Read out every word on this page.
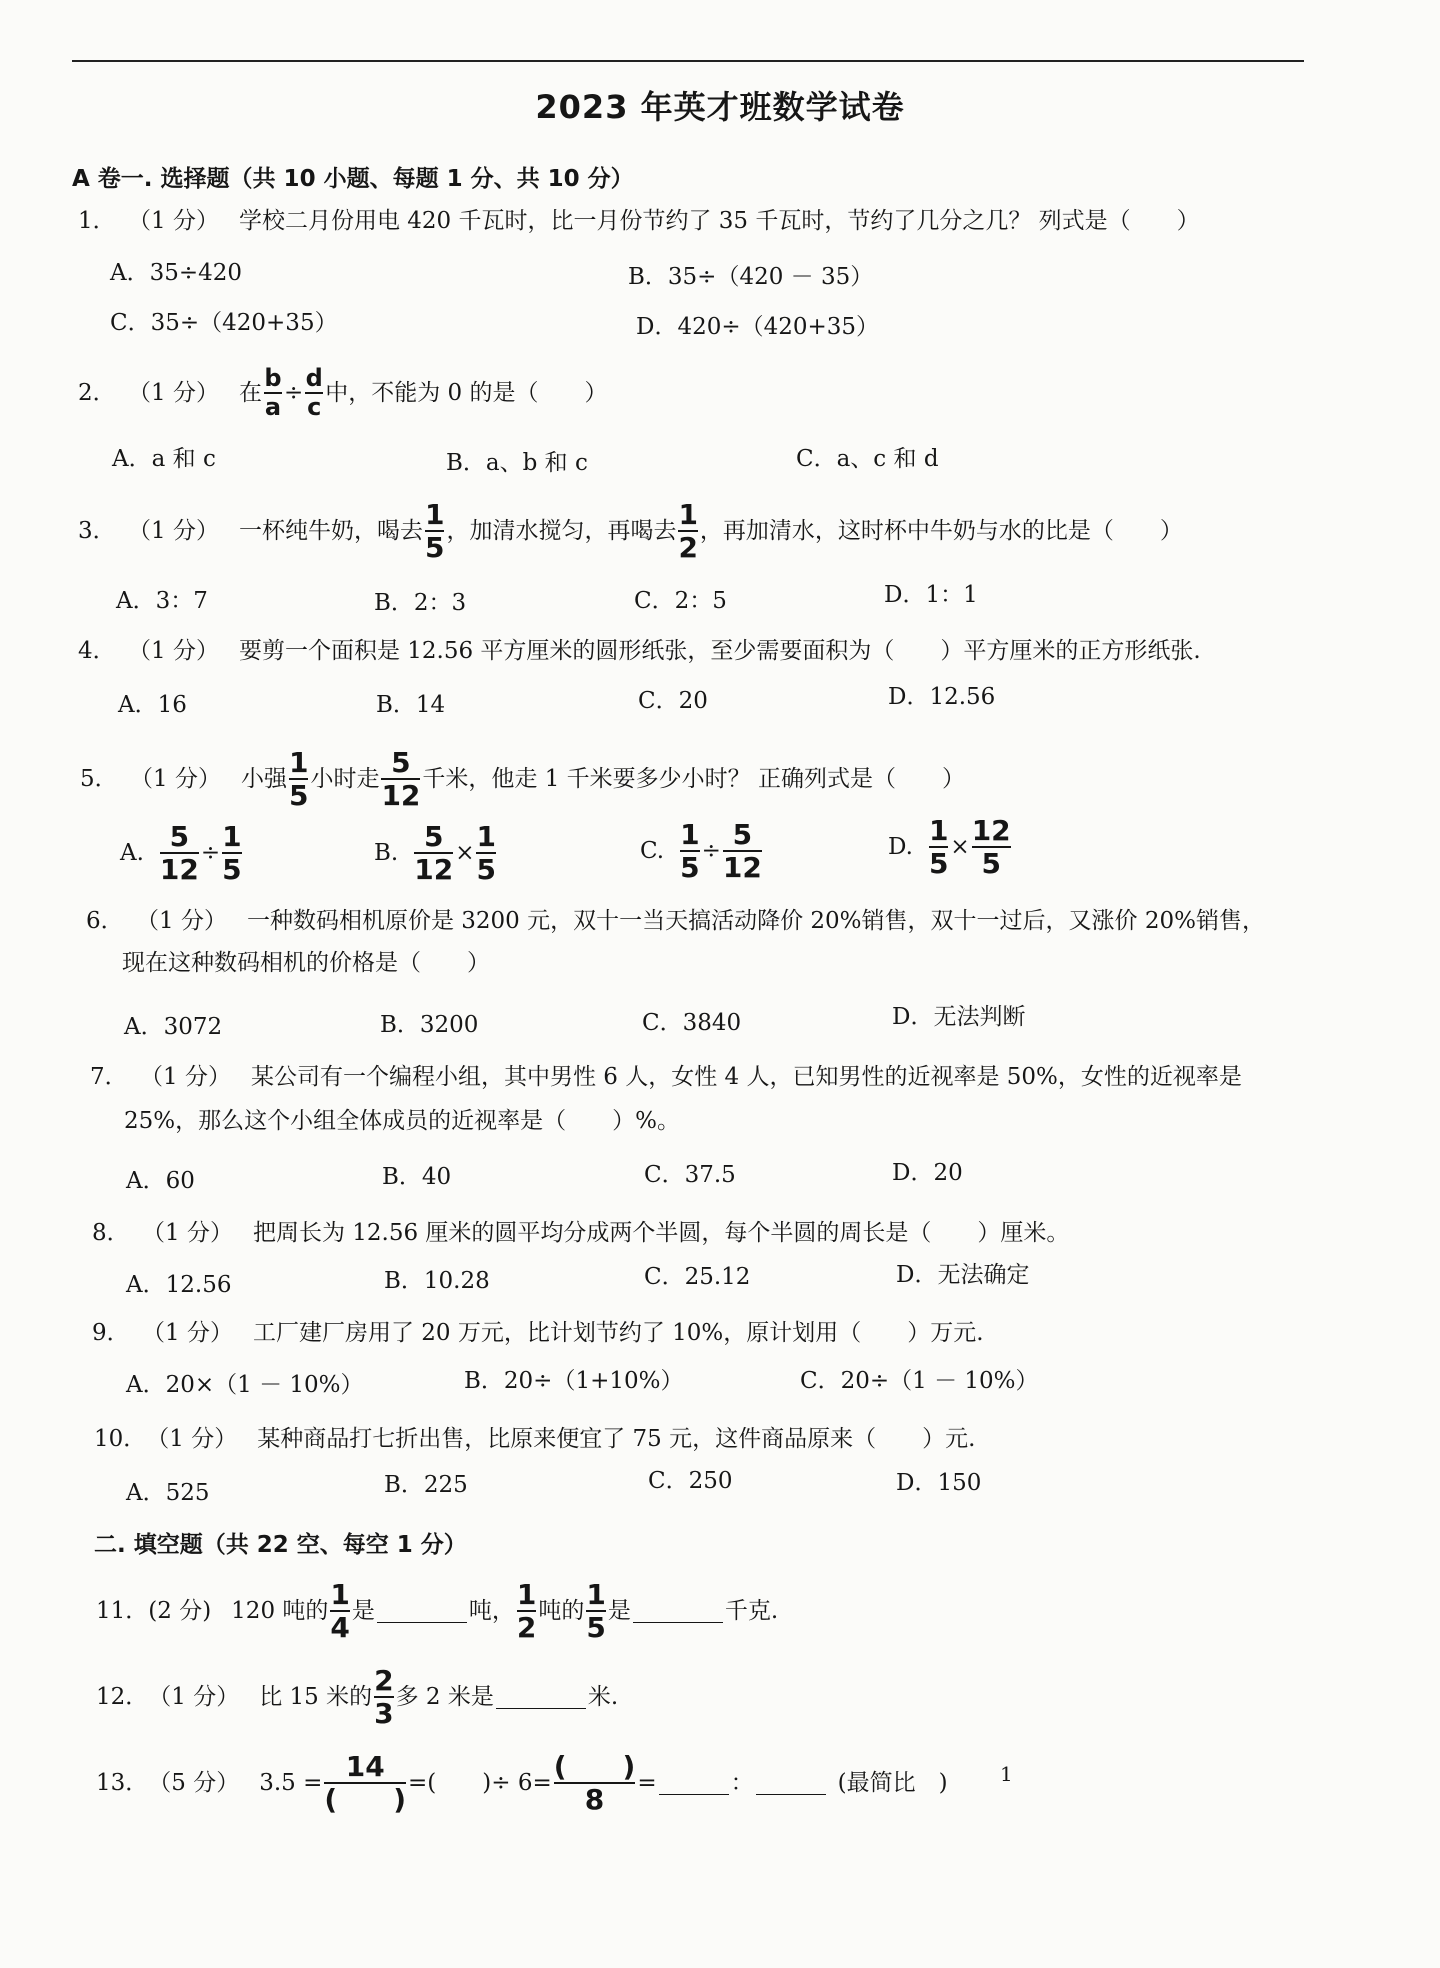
2023 年英才班数学试卷
A 卷一. 选择题（共 10 小题、每题 1 分、共 10 分）
1． （1 分） 学校二月份用电 420 千瓦时，比一月份节约了 35 千瓦时，节约了几分之几？ 列式是（　　）
A．35÷420	B．35÷（420 － 35）
C．35÷（420+35）	D．420÷（420+35）
2． （1 分） 在 $\frac{b}{a} \div \frac{d}{c}$ 中，不能为 0 的是（　　）
A．a 和 c	B．a、b 和 c	C．a、c 和 d
3． （1 分） 一杯纯牛奶，喝去 $\frac{1}{5}$ ，加清水搅匀，再喝去 $\frac{1}{2}$ ，再加清水，这时杯中牛奶与水的比是（　　）
A．3：7	B．2：3	C．2：5	D．1：1
4． （1 分） 要剪一个面积是 12.56 平方厘米的圆形纸张，至少需要面积为（　　）平方厘米的正方形纸张.
A．16	B．14	C．20	D．12.56
5． （1 分） 小强 $\frac{1}{5}$ 小时走 $\frac{5}{12}$ 千米，他走 1 千米要多少小时？ 正确列式是（　　）
A. $\frac{5}{12} \div \frac{1}{5}$	B. $\frac{5}{12} \times \frac{1}{5}$	C. $\frac{1}{5} \div \frac{5}{12}$	D. $\frac{1}{5} \times \frac{12}{5}$
6． （1 分） 一种数码相机原价是 3200 元，双十一当天搞活动降价 20%销售，双十一过后，又涨价 20%销售，
现在这种数码相机的价格是（　　）
A．3072	B．3200	C．3840	D．无法判断
7． （1 分） 某公司有一个编程小组，其中男性 6 人，女性 4 人，已知男性的近视率是 50%，女性的近视率是
25%，那么这个小组全体成员的近视率是（　　）%。
A．60	B．40	C．37.5	D．20
8． （1 分） 把周长为 12.56 厘米的圆平均分成两个半圆，每个半圆的周长是（　　）厘米。
A．12.56	B．10.28	C．25.12	D．无法确定
9． （1 分） 工厂建厂房用了 20 万元，比计划节约了 10%，原计划用（　　）万元.
A．20×（1 － 10%）	B．20÷（1+10%）	C．20÷（1 － 10%）
10．（1 分） 某种商品打七折出售，比原来便宜了 75 元，这件商品原来（　　）元.
A．525	B．225	C．250	D．150
二. 填空题（共 22 空、每空 1 分）
11． (2 分) 120 吨的 $\frac{1}{4}$ 是	吨， $\frac{1}{2}$ 吨的 $\frac{1}{5}$ 是	千克.
12． （1 分） 比 15 米的 $\frac{2}{3}$ 多 2 米是	米.
13． （5 分） $3.5 = \frac{14}{( )}$ =(　　)÷ $6= \frac{( )}{8}$ =	：	(最简比　)	1
